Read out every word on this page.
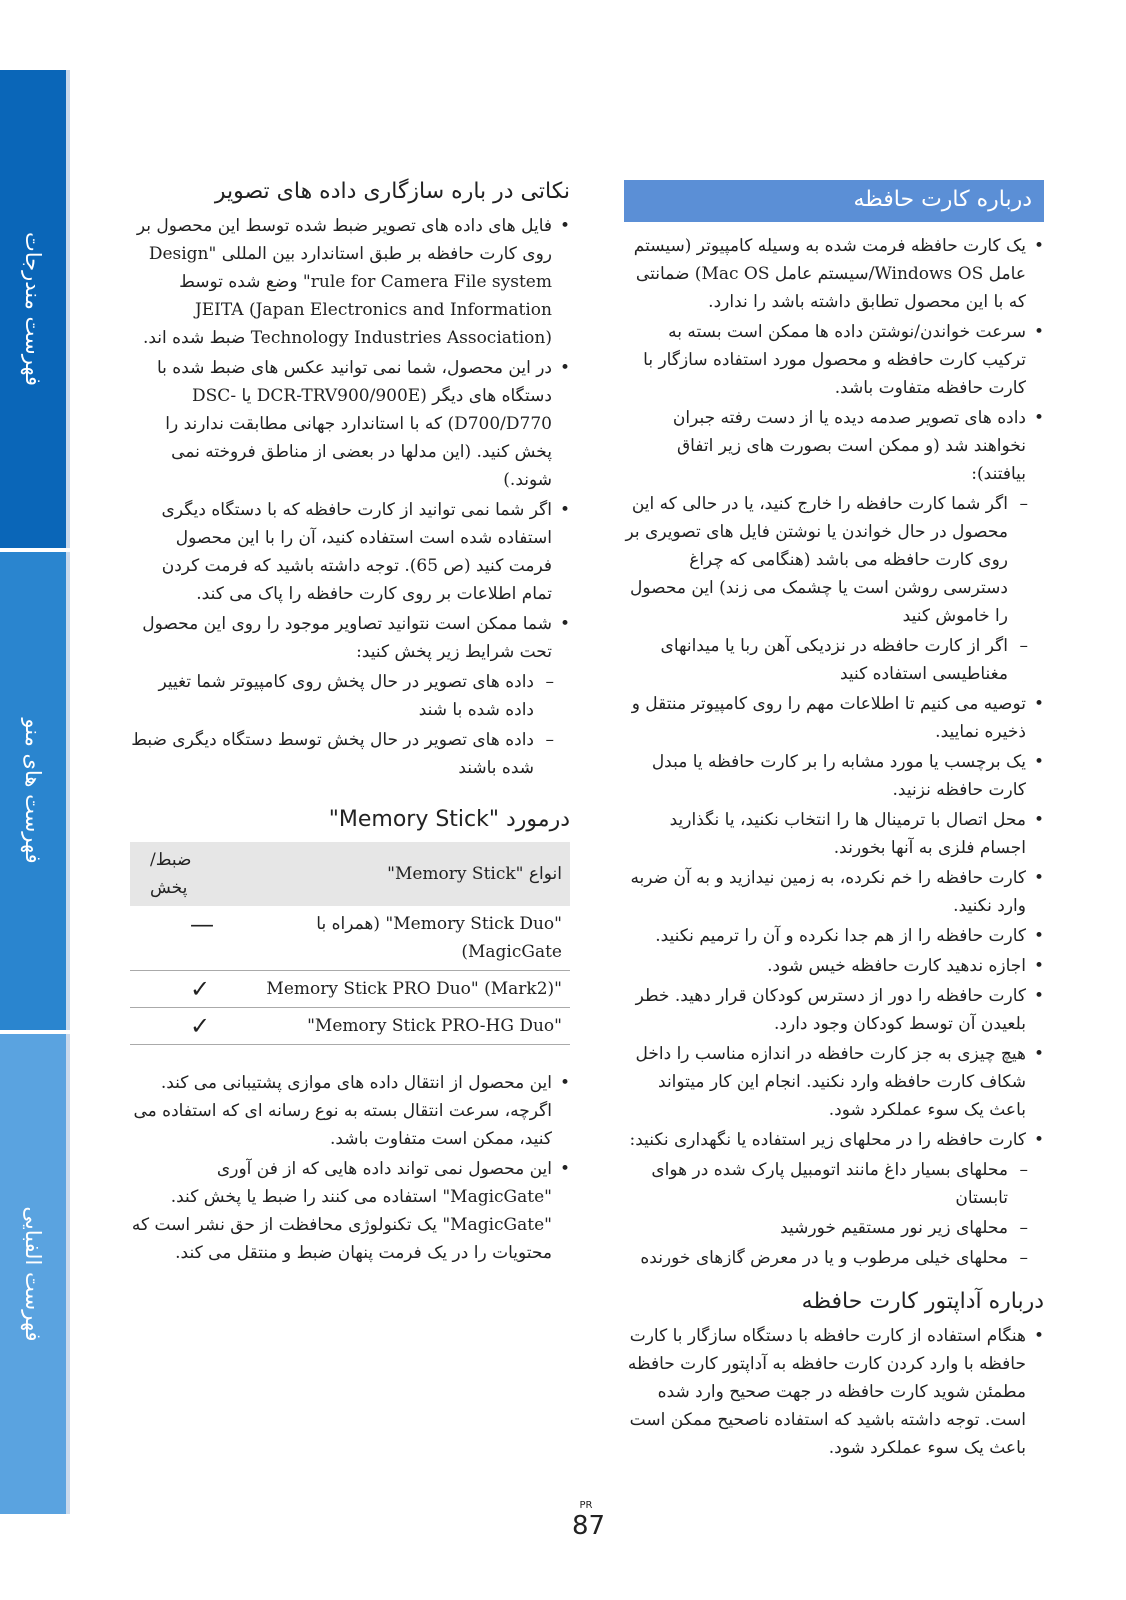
فهرست مندرجات
فهرست های منو
فهرست الفبایی
درباره کارت حافظه
• یک کارت حافظه فرمت شده به وسیله کامپیوتر (سیستم عامل Windows OS/سیستم عامل Mac OS) ضمانتی که با این محصول تطابق داشته باشد را ندارد.
• سرعت خواندن/نوشتن داده ها ممکن است بسته به ترکیب کارت حافظه و محصول مورد استفاده سازگار با کارت حافظه متفاوت باشد.
• داده های تصویر صدمه دیده یا از دست رفته جبران نخواهند شد (و ممکن است بصورت های زیر اتفاق بیافتند):
– اگر شما کارت حافظه را خارج کنید، یا در حالی که این محصول در حال خواندن یا نوشتن فایل های تصویری بر روی کارت حافظه می باشد (هنگامی که چراغ دسترسی روشن است یا چشمک می زند) این محصول را خاموش کنید
– اگر از کارت حافظه در نزدیکی آهن ربا یا میدانهای مغناطیسی استفاده کنید
• توصیه می کنیم تا اطلاعات مهم را روی کامپیوتر منتقل و ذخیره نمایید.
• یک برچسب یا مورد مشابه را بر کارت حافظه یا مبدل کارت حافظه نزنید.
• محل اتصال با ترمینال ها را انتخاب نکنید، یا نگذارید اجسام فلزی به آنها بخورند.
• کارت حافظه را خم نکرده، به زمین نیدازید و به آن ضربه وارد نکنید.
• کارت حافظه را از هم جدا نکرده و آن را ترمیم نکنید.
• اجازه ندهید کارت حافظه خیس شود.
• کارت حافظه را دور از دسترس کودکان قرار دهید. خطر بلعیدن آن توسط کودکان وجود دارد.
• هیچ چیزی به جز کارت حافظه در اندازه مناسب را داخل شکاف کارت حافظه وارد نکنید. انجام این کار میتواند باعث یک سوء عملکرد شود.
• کارت حافظه را در محلهای زیر استفاده یا نگهداری نکنید:
– محلهای بسیار داغ مانند اتومبیل پارک شده در هوای تابستان
– محلهای زیر نور مستقیم خورشید
– محلهای خیلی مرطوب و یا در معرض گازهای خورنده
درباره آداپتور کارت حافظه
• هنگام استفاده از کارت حافظه با دستگاه سازگار با کارت حافظه با وارد کردن کارت حافظه به آداپتور کارت حافظه مطمئن شوید کارت حافظه در جهت صحیح وارد شده است. توجه داشته باشید که استفاده ناصحیح ممکن است باعث یک سوء عملکرد شود.
نکاتی در باره سازگاری داده های تصویر
• فایل های داده های تصویر ضبط شده توسط این محصول بر روی کارت حافظه بر طبق استاندارد بین المللی "Design rule for Camera File system" وضع شده توسط JEITA (Japan Electronics and Information Technology Industries Association) ضبط شده اند.
• در این محصول، شما نمی توانید عکس های ضبط شده با دستگاه های دیگر (DCR-TRV900/900E یا DSC-D700/D770) که با استاندارد جهانی مطابقت ندارند را پخش کنید. (این مدلها در بعضی از مناطق فروخته نمی شوند.)
• اگر شما نمی توانید از کارت حافظه که با دستگاه دیگری استفاده شده است استفاده کنید، آن را با این محصول فرمت کنید (ص 65). توجه داشته باشید که فرمت کردن تمام اطلاعات بر روی کارت حافظه را پاک می کند.
• شما ممکن است نتوانید تصاویر موجود را روی این محصول تحت شرایط زیر پخش کنید:
– داده های تصویر در حال پخش روی کامپیوتر شما تغییر داده شده با شند
– داده های تصویر در حال پخش توسط دستگاه دیگری ضبط شده باشند
درمورد "Memory Stick"
انواع "Memory Stick"	ضبط/پخش
"Memory Stick Duo" (همراه با MagicGate)	—
"Memory Stick PRO Duo" (Mark2)	✓
"Memory Stick PRO-HG Duo"	✓
• این محصول از انتقال داده های موازی پشتیبانی می کند. اگرچه، سرعت انتقال بسته به نوع رسانه ای که استفاده می کنید، ممکن است متفاوت باشد.
• این محصول نمی تواند داده هایی که از فن آوری "MagicGate" استفاده می کنند را ضبط یا پخش کند. "MagicGate" یک تکنولوژی محافظت از حق نشر است که محتویات را در یک فرمت پنهان ضبط و منتقل می کند.
PR
87
